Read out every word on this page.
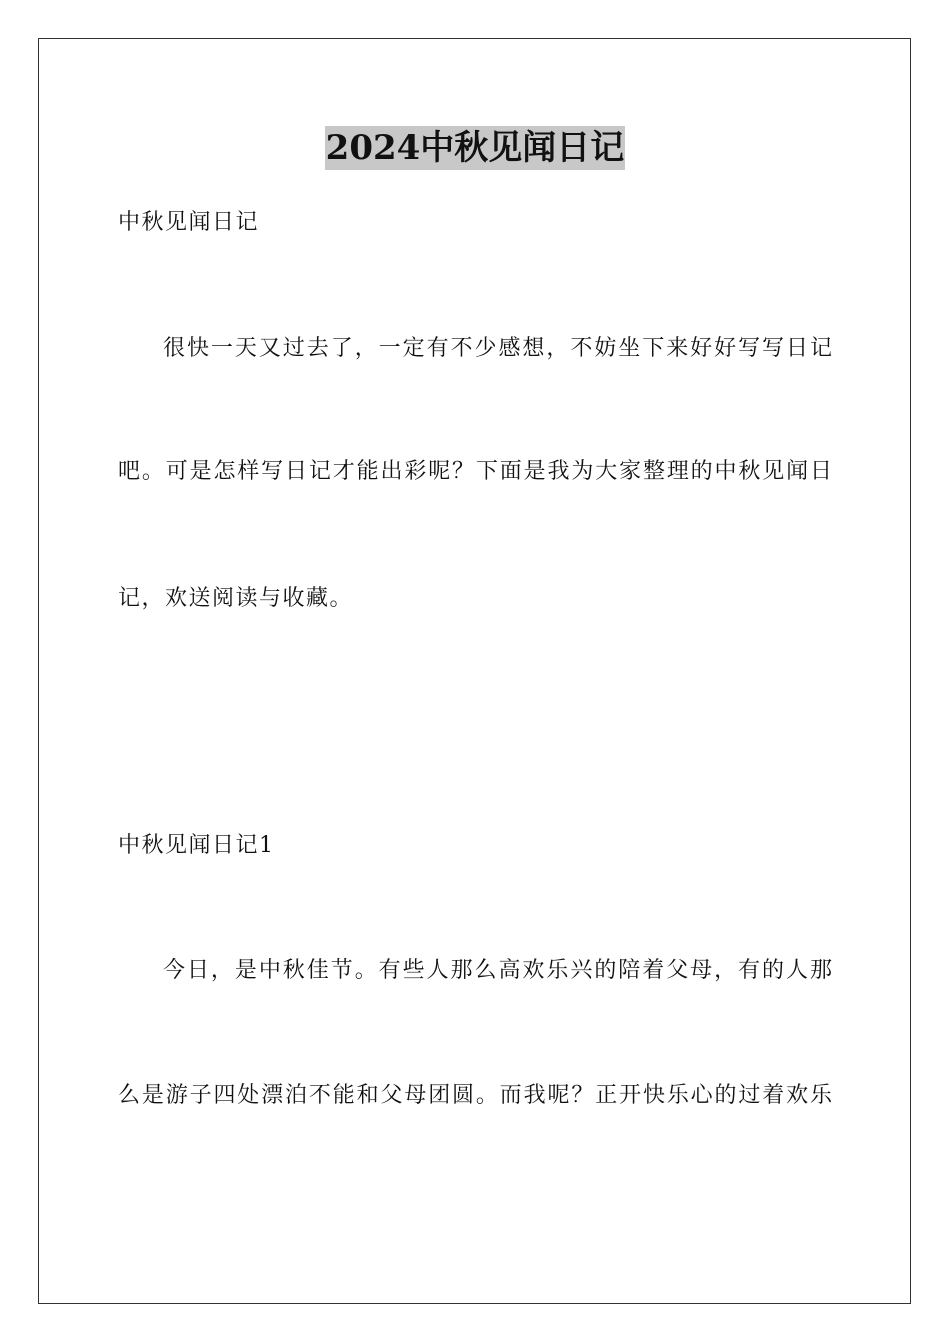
2024中秋见闻日记
中秋见闻日记
很快一天又过去了，一定有不少感想，不妨坐下来好好写写日记
吧。可是怎样写日记才能出彩呢？下面是我为大家整理的中秋见闻日
记，欢送阅读与收藏。
中秋见闻日记1
今日，是中秋佳节。有些人那么高欢乐兴的陪着父母，有的人那
么是游子四处漂泊不能和父母团圆。而我呢？正开快乐心的过着欢乐
